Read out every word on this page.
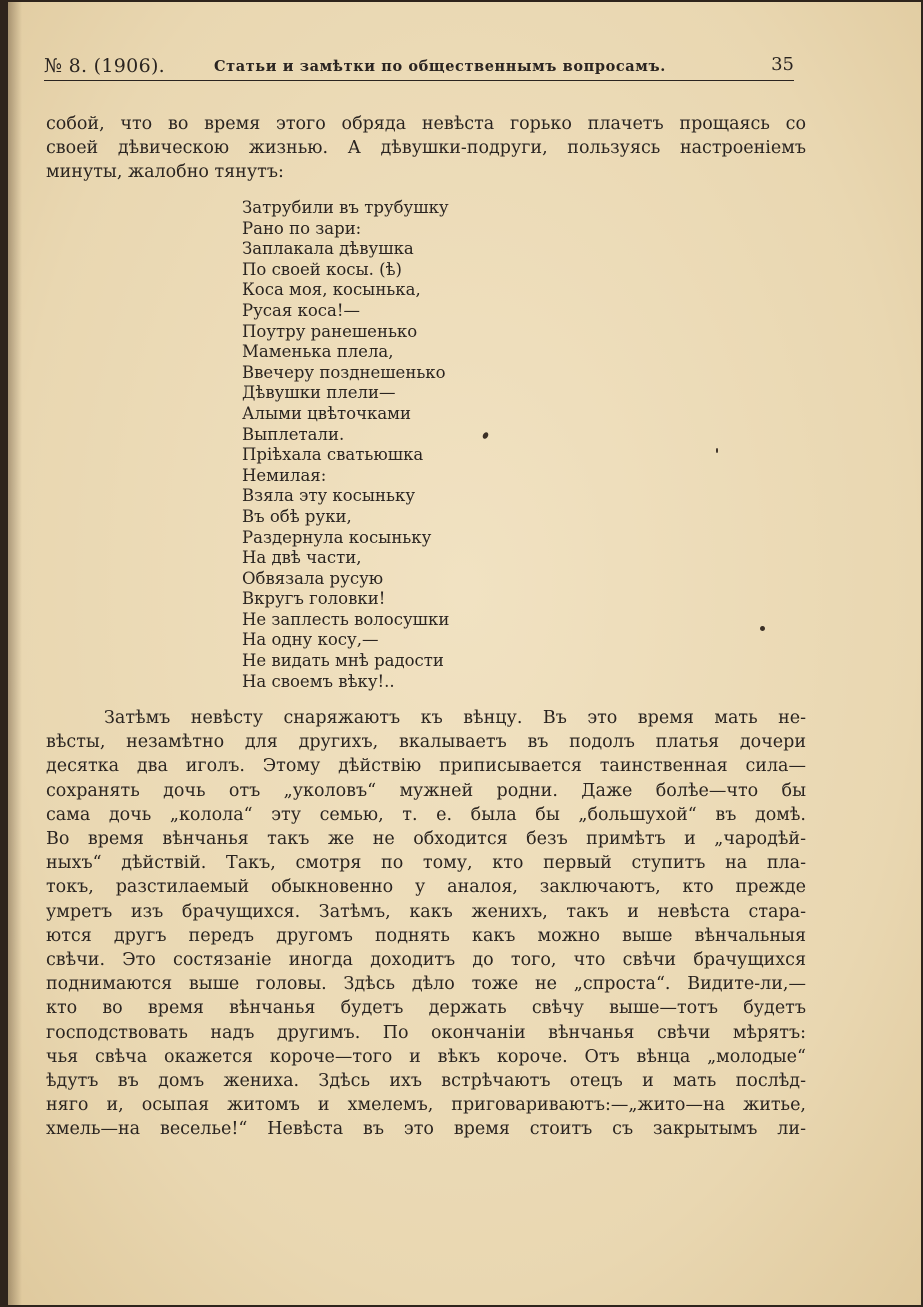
№ 8. (1906).	Статьи и замѣтки по общественнымъ вопросамъ.	35
собой, что во время этого обряда невѣста горько плачетъ прощаясь со
своей дѣвическою жизнью. А дѣвушки-подруги, пользуясь настроеніемъ
минуты, жалобно тянутъ:
Затрубили въ трубушку
Рано по зари:
Заплакала дѣвушка
По своей косы. (ѣ)
Коса моя, косынька,
Русая коса!—
Поутру ранешенько
Маменька плела,
Ввечеру позднешенько
Дѣвушки плели—
Алыми цвѣточками
Выплетали.
Пріѣхала сватьюшка
Немилая:
Взяла эту косыньку
Въ обѣ руки,
Раздернула косыньку
На двѣ части,
Обвязала русую
Вкругъ головки!
Не заплесть волосушки
На одну косу,—
Не видать мнѣ радости
На своемъ вѣку!..
Затѣмъ невѣсту снаряжаютъ къ вѣнцу. Въ это время мать не-
вѣсты, незамѣтно для другихъ, вкалываетъ въ подолъ платья дочери
десятка два иголъ. Этому дѣйствію приписывается таинственная сила—
сохранять дочь отъ „уколовъ“ мужней родни. Даже болѣе—что бы
сама дочь „колола“ эту семью, т. е. была бы „большухой“ въ домѣ.
Во время вѣнчанья такъ же не обходится безъ примѣтъ и „чародѣй-
ныхъ“ дѣйствій. Такъ, смотря по тому, кто первый ступитъ на пла-
токъ, разстилаемый обыкновенно у аналоя, заключаютъ, кто прежде
умретъ изъ брачущихся. Затѣмъ, какъ женихъ, такъ и невѣста стара-
ются другъ передъ другомъ поднять какъ можно выше вѣнчальныя
свѣчи. Это состязаніе иногда доходитъ до того, что свѣчи брачущихся
поднимаются выше головы. Здѣсь дѣло тоже не „спроста“. Видите-ли,—
кто во время вѣнчанья будетъ держать свѣчу выше—тотъ будетъ
господствовать надъ другимъ. По окончаніи вѣнчанья свѣчи мѣрятъ:
чья свѣча окажется короче—того и вѣкъ короче. Отъ вѣнца „молодые“
ѣдутъ въ домъ жениха. Здѣсь ихъ встрѣчаютъ отецъ и мать послѣд-
няго и, осыпая житомъ и хмелемъ, приговариваютъ:—„жито—на житье,
хмель—на веселье!“ Невѣста въ это время стоитъ съ закрытымъ ли-
